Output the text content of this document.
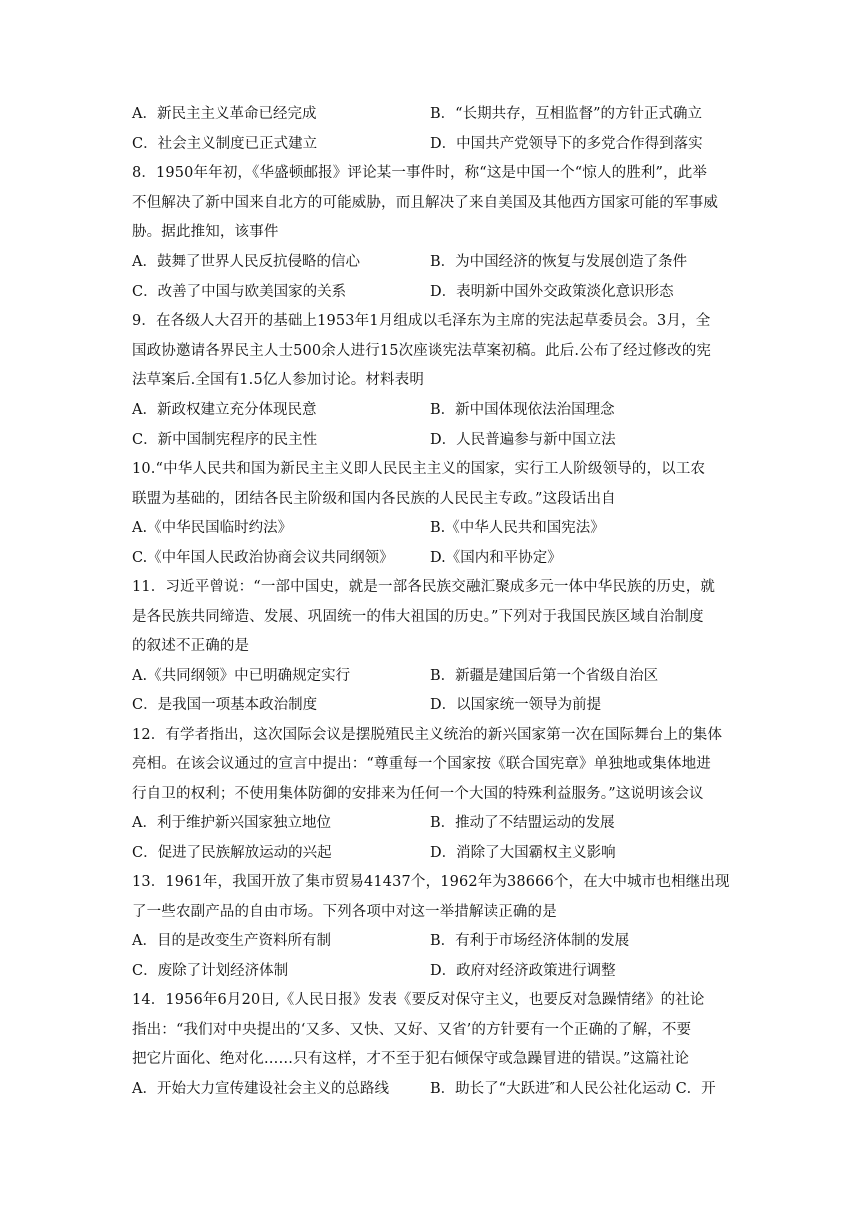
A．新民主主义革命已经完成	B．“长期共存，互相监督”的方针正式确立
C．社会主义制度已正式建立	D．中国共产党领导下的多党合作得到落实
8．1950年年初，《华盛顿邮报》评论某一事件时，称“这是中国一个“惊人的胜利”，此举
不但解决了新中国来自北方的可能威胁，而且解决了来自美国及其他西方国家可能的军事威
胁。据此推知，该事件
A．鼓舞了世界人民反抗侵略的信心	B．为中国经济的恢复与发展创造了条件
C．改善了中国与欧美国家的关系	D．表明新中国外交政策淡化意识形态
9．在各级人大召开的基础上1953年1月组成以毛泽东为主席的宪法起草委员会。3月，全
国政协邀请各界民主人士500余人进行15次座谈宪法草案初稿。此后.公布了经过修改的宪
法草案后.全国有1.5亿人参加讨论。材料表明
A．新政权建立充分体现民意	B．新中国体现依法治国理念
C．新中国制宪程序的民主性	D．人民普遍参与新中国立法
10.“中华人民共和国为新民主主义即人民民主主义的国家，实行工人阶级领导的，以工农
联盟为基础的，团结各民主阶级和国内各民族的人民民主专政。”这段话出自
A.《中华民国临时约法》	B.《中华人民共和国宪法》
C.《中年国人民政治协商会议共同纲领》	D.《国内和平协定》
11．习近平曾说：“一部中国史，就是一部各民族交融汇聚成多元一体中华民族的历史，就
是各民族共同缔造、发展、巩固统一的伟大祖国的历史。”下列对于我国民族区域自治制度
的叙述不正确的是
A.《共同纲领》中已明确规定实行	B．新疆是建国后第一个省级自治区
C．是我国一项基本政治制度	D．以国家统一领导为前提
12．有学者指出，这次国际会议是摆脱殖民主义统治的新兴国家第一次在国际舞台上的集体
亮相。在该会议通过的宣言中提出：“尊重每一个国家按《联合国宪章》单独地或集体地进
行自卫的权利；不使用集体防御的安排来为任何一个大国的特殊利益服务。”这说明该会议
A．利于维护新兴国家独立地位	B．推动了不结盟运动的发展
C．促进了民族解放运动的兴起	D．消除了大国霸权主义影响
13．1961年，我国开放了集市贸易41437个，1962年为38666个，在大中城市也相继出现
了一些农副产品的自由市场。下列各项中对这一举措解读正确的是
A．目的是改变生产资料所有制	B．有利于市场经济体制的发展
C．废除了计划经济体制	D．政府对经济政策进行调整
14．1956年6月20日,《人民日报》发表《要反对保守主义，也要反对急躁情绪》的社论
指出：“我们对中央提出的‘又多、又快、又好、又省’的方针要有一个正确的了解，不要
把它片面化、绝对化……只有这样，才不至于犯右倾保守或急躁冒进的错误。”这篇社论
A．开始大力宣传建设社会主义的总路线	B．助长了“大跃进″和人民公社化运动 C．开
